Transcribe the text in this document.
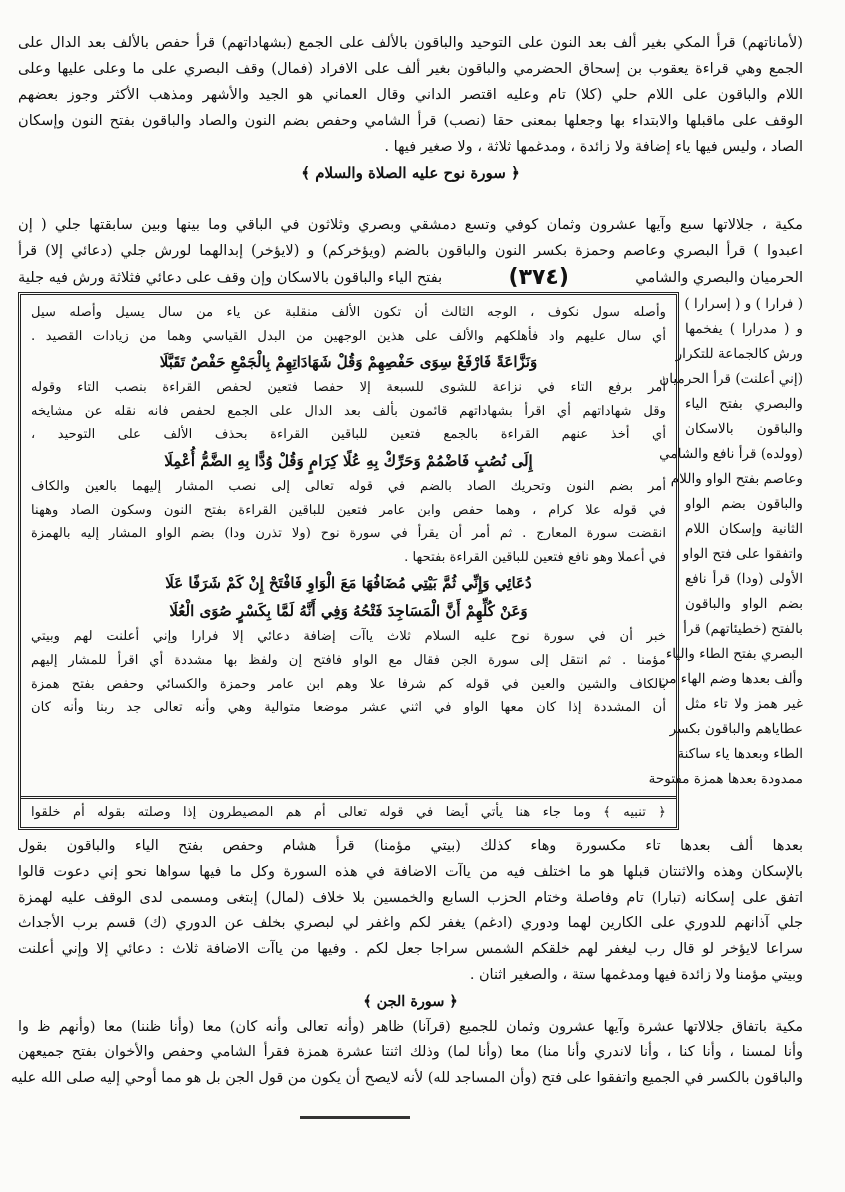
(لأماناتهم) قرأ المكي بغير ألف بعد النون على التوحيد والباقون بالألف على الجمع (بشهاداتهم) قرأ حفص بالألف بعد الدال على
الجمع وهي قراءة يعقوب بن إسحاق الحضرمي والباقون بغير ألف على الافراد (فمال) وقف البصري على ما وعلى عليها وعلى
اللام والباقون على اللام حلي (كلا) تام وعليه اقتصر الداني وقال العماني هو الجيد والأشهر ومذهب الأكثر وجوز بعضهم
الوقف على ماقبلها والابتداء بها وجعلها بمعنى حقا (نصب) قرأ الشامي وحفص بضم النون والصاد والباقون بفتح النون وإسكان
الصاد ، وليس فيها ياء إضافة ولا زائدة ، ومدغمها ثلاثة ، ولا صغير فيها .
﴿ سورة نوح عليه الصلاة والسلام ﴾
مكية ، جلالاتها سبع وآيها عشرون وثمان كوفي وتسع دمشقي وبصري وثلاثون في الباقي وما بينها وبين سابقتها جلي ( إن
اعبدوا ) قرأ البصري وعاصم وحمزة بكسر النون والباقون بالضم (ويؤخركم) و (لايؤخر) إبدالهما لورش جلي (دعائي إلا) قرأ
الحرميان والبصري والشامي
(٣٧٤)
بفتح الياء والباقون بالاسكان وإن وقف على دعائي فثلاثة ورش فيه جلية
( فرارا ) و ( إسرارا )
و ( مدرارا ) يفخمها
ورش كالجماعة للتكرار
(إني أعلنت) قرأ الحرميان
والبصري بفتح الياء
والباقون بالاسكان
(وولده) قرأ نافع والشامي
وعاصم بفتح الواو واللام
والباقون بضم الواو
الثانية وإسكان اللام
واتفقوا على فتح الواو
الأولى (ودا) قرأ نافع
بضم الواو والباقون
بالفتح (خطيئاتهم) قرأ
البصري بفتح الطاء والياء
وألف بعدها وضم الهاء من
غير همز ولا تاء مثل
عطاياهم والباقون بكسر
الطاء وبعدها ياء ساكنة
ممدودة بعدها همزة مفتوحة
وأصله سول نكوف ، الوجه الثالث أن تكون الألف منقلبة عن ياء من سال يسيل وأصله سيل
أي سال عليهم واد فأهلكهم والألف على هذين الوجهين من البدل القياسي وهما من زيادات القصيد .
وَنَزَّاعَةً فَارْفَعْ سِوَى حَفْصِهِمْ وَقُلْ شَهَادَاتِهِمْ بِالْجَمْعِ حَفْصٌ تَقَبَّلَا
أمر برفع التاء في نزاعة للشوى للسبعة إلا حفصا فتعين لحفص القراءة بنصب التاء وقوله
وقل شهاداتهم أي اقرأ بشهاداتهم قائمون بألف بعد الدال على الجمع لحفص فانه نقله عن مشايخه
أي أخذ عنهم القراءة بالجمع فتعين للباقين القراءة بحذف الألف على التوحيد ،
إِلَى نُصُبٍ فَاضْمُمْ وَحَرِّكْ بِهِ عُلًا كِرَامٍ وَقُلْ وُدًّا بِهِ الضَّمُّ أُعْمِلَا
أمر بضم النون وتحريك الصاد بالضم في قوله تعالى إلى نصب المشار إليهما بالعين والكاف
في قوله علا كرام ، وهما حفص وابن عامر فتعين للباقين القراءة بفتح النون وسكون الصاد وههنا
انقضت سورة المعارج . ثم أمر أن يقرأ في سورة نوح (ولا تذرن ودا) بضم الواو المشار إليه بالهمزة
في أعملا وهو نافع فتعين للباقين القراءة بفتحها .
دُعَائِي وَإِنِّي ثُمَّ بَيْتِي مُضَافُهَا مَعَ الْوَاوِ فَافْتَحْ إِنْ كَمْ شَرَفًا عَلَا
وَعَنْ كُلِّهِمْ أَنَّ الْمَسَاجِدَ فَتْحُهُ وَفِي أَنَّهُ لَمَّا بِكَسْرٍ صُوَى الْعُلَا
خبر أن في سورة نوح عليه السلام ثلاث ياآت إضافة دعائي إلا فرارا وإني أعلنت لهم وبيتي
مؤمنا . ثم انتقل إلى سورة الجن فقال مع الواو فافتح إن ولفظ بها مشددة أي اقرأ للمشار إليهم
بالكاف والشين والعين في قوله كم شرفا علا وهم ابن عامر وحمزة والكسائي وحفص بفتح همزة
أن المشددة إذا كان معها الواو في اثني عشر موضعا متوالية وهي وأنه تعالى جد ربنا وأنه كان
﴿ تنبيه ﴾ وما جاء هنا يأتي أيضا في قوله تعالى أم هم المصيطرون إذا وصلته بقوله أم خلقوا
بعدها ألف بعدها تاء مكسورة وهاء كذلك (بيتي مؤمنا) قرأ هشام وحفص بفتح الياء والباقون بقول
بالإسكان وهذه والاثنتان قبلها هو ما اختلف فيه من ياآت الاضافة في هذه السورة وكل ما فيها سواها نحو إني دعوت قالوا
اتفق على إسكانه (تبارا) تام وفاصلة وختام الحزب السابع والخمسين بلا خلاف (لمال) إبتغى ومسمى لدى الوقف عليه لهمزة
جلي آذانهم للدوري على الكارين لهما ودوري (ادغم) يغفر لكم واغفر لي لبصري بخلف عن الدوري (ك) قسم برب الأجداث
سراعا لايؤخر لو قال رب ليغفر لهم خلقكم الشمس سراجا جعل لكم . وفيها من ياآت الاضافة ثلاث : دعائي إلا وإني أعلنت
وبيتي مؤمنا ولا زائدة فيها ومدغمها ستة ، والصغير اثنان .
﴿ سورة الجن ﴾
مكية باتفاق جلالاتها عشرة وآيها عشرون وثمان للجميع (قرآنا) ظاهر (وأنه تعالى وأنه كان) معا (وأنا ظننا) معا (وأنهم ظ وا
وأنا لمسنا ، وأنا كنا ، وأنا لاندري وأنا منا) معا (وأنا لما) وذلك اثنتا عشرة همزة فقرأ الشامي وحفص والأخوان بفتح جميعهن
والباقون بالكسر في الجميع واتفقوا على فتح (وأن المساجد لله) لأنه لايصح أن يكون من قول الجن بل هو مما أوحي إليه صلى الله عليه
